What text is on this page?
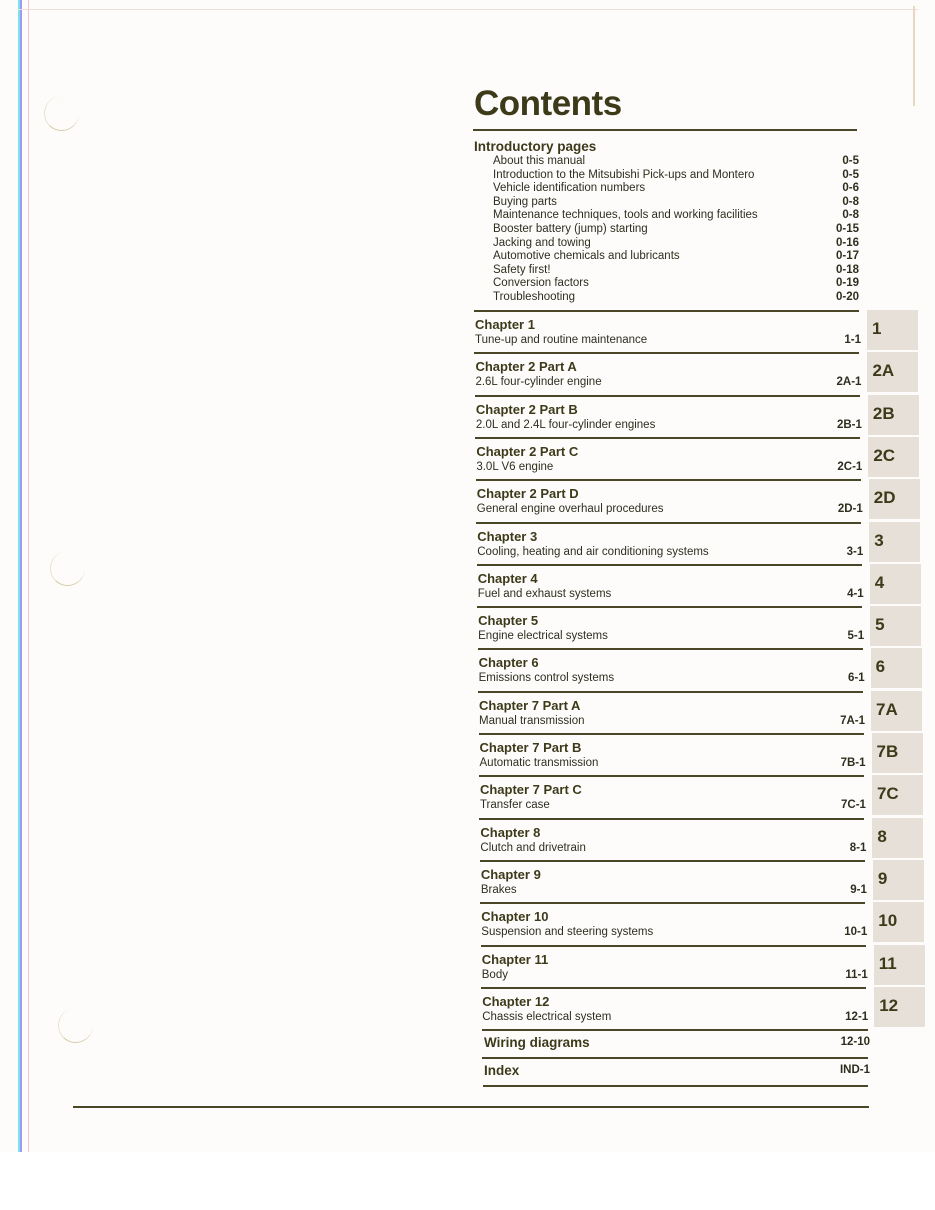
Contents
Introductory pages
About this manual	0-5
Introduction to the Mitsubishi Pick-ups and Montero	0-5
Vehicle identification numbers	0-6
Buying parts	0-8
Maintenance techniques, tools and working facilities	0-8
Booster battery (jump) starting	0-15
Jacking and towing	0-16
Automotive chemicals and lubricants	0-17
Safety first!	0-18
Conversion factors	0-19
Troubleshooting	0-20
Chapter 1
Tune-up and routine maintenance	1-1
Chapter 2 Part A
2.6L four-cylinder engine	2A-1
Chapter 2 Part B
2.0L and 2.4L four-cylinder engines	2B-1
Chapter 2 Part C
3.0L V6 engine	2C-1
Chapter 2 Part D
General engine overhaul procedures	2D-1
Chapter 3
Cooling, heating and air conditioning systems	3-1
Chapter 4
Fuel and exhaust systems	4-1
Chapter 5
Engine electrical systems	5-1
Chapter 6
Emissions control systems	6-1
Chapter 7 Part A
Manual transmission	7A-1
Chapter 7 Part B
Automatic transmission	7B-1
Chapter 7 Part C
Transfer case	7C-1
Chapter 8
Clutch and drivetrain	8-1
Chapter 9
Brakes	9-1
Chapter 10
Suspension and steering systems	10-1
Chapter 11
Body	11-1
Chapter 12
Chassis electrical system	12-1
1
2A
2B
2C
2D
3
4
5
6
7A
7B
7C
8
9
10
11
12
Wiring diagrams	12-10
Index	IND-1
